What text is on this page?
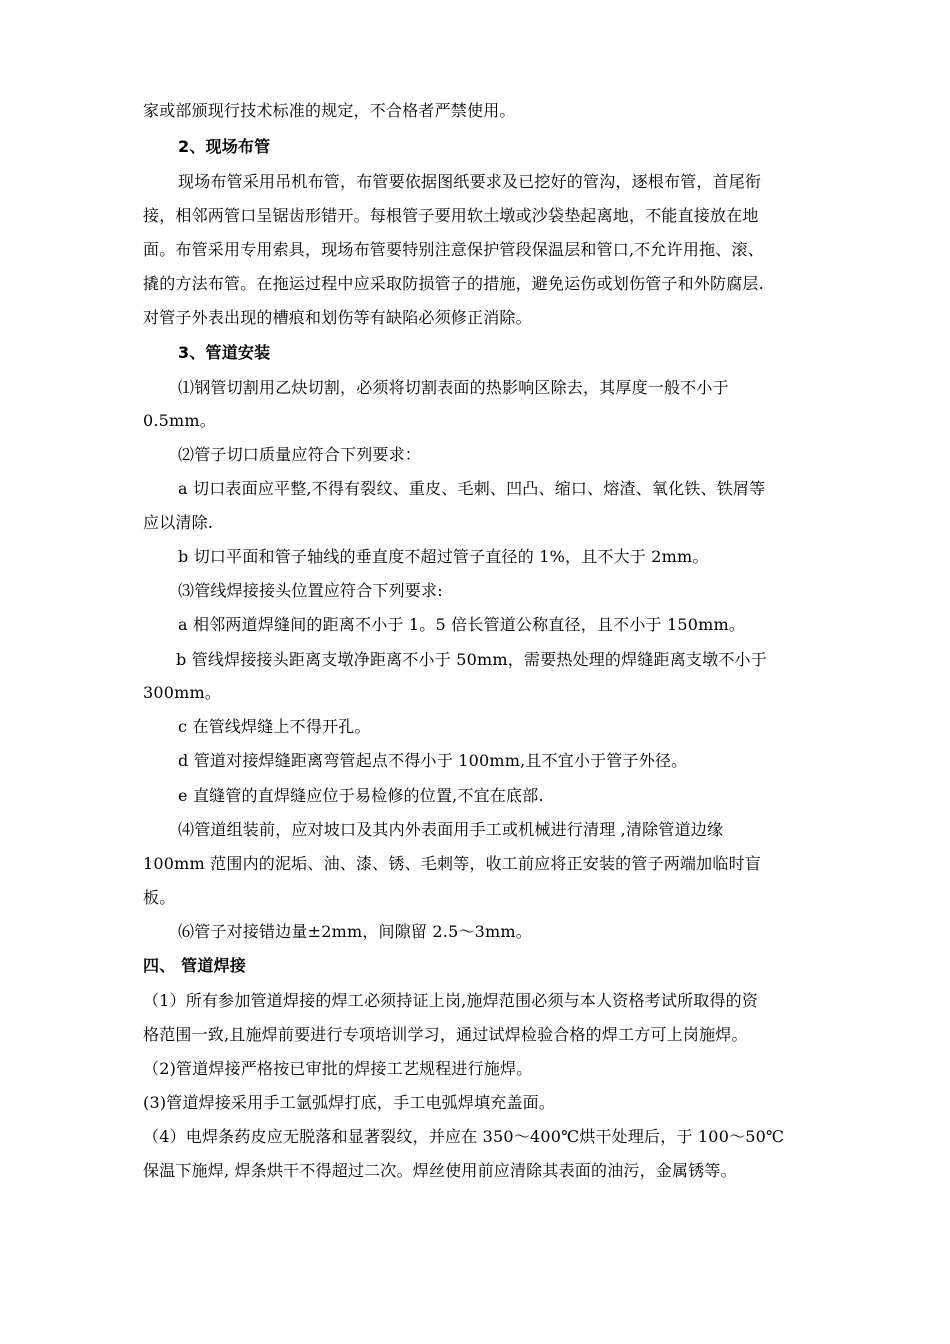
家或部颁现行技术标准的规定，不合格者严禁使用。
2、现场布管
现场布管采用吊机布管，布管要依据图纸要求及已挖好的管沟，逐根布管，首尾衔
接，相邻两管口呈锯齿形错开。每根管子要用软土墩或沙袋垫起离地，不能直接放在地
面。布管采用专用索具，现场布管要特别注意保护管段保温层和管口,不允许用拖、滚、
撬的方法布管。在拖运过程中应采取防损管子的措施，避免运伤或划伤管子和外防腐层.
对管子外表出现的槽痕和划伤等有缺陷必须修正消除。
3、管道安装
⑴钢管切割用乙炔切割，必须将切割表面的热影响区除去，其厚度一般不小于
0.5mm。
⑵管子切口质量应符合下列要求：
a 切口表面应平整,不得有裂纹、重皮、毛刺、凹凸、缩口、熔渣、氧化铁、铁屑等
应以清除.
b 切口平面和管子轴线的垂直度不超过管子直径的 1%，且不大于 2mm。
⑶管线焊接接头位置应符合下列要求:
a 相邻两道焊缝间的距离不小于 1。5 倍长管道公称直径，且不小于 150mm。
b 管线焊接接头距离支墩净距离不小于 50mm，需要热处理的焊缝距离支墩不小于
300mm。
c 在管线焊缝上不得开孔。
d 管道对接焊缝距离弯管起点不得小于 100mm,且不宜小于管子外径。
e 直缝管的直焊缝应位于易检修的位置,不宜在底部.
⑷管道组装前，应对坡口及其内外表面用手工或机械进行清理 ,清除管道边缘
100mm 范围内的泥垢、油、漆、锈、毛刺等，收工前应将正安装的管子两端加临时盲
板。
⑹管子对接错边量±2mm，间隙留 2.5～3mm。
四、 管道焊接
（1）所有参加管道焊接的焊工必须持证上岗,施焊范围必须与本人资格考试所取得的资
格范围一致,且施焊前要进行专项培训学习，通过试焊检验合格的焊工方可上岗施焊。
（2)管道焊接严格按已审批的焊接工艺规程进行施焊。
(3)管道焊接采用手工氩弧焊打底，手工电弧焊填充盖面。
（4）电焊条药皮应无脱落和显著裂纹，并应在 350～400℃烘干处理后，于 100～50℃
保温下施焊, 焊条烘干不得超过二次。焊丝使用前应清除其表面的油污，金属锈等。
